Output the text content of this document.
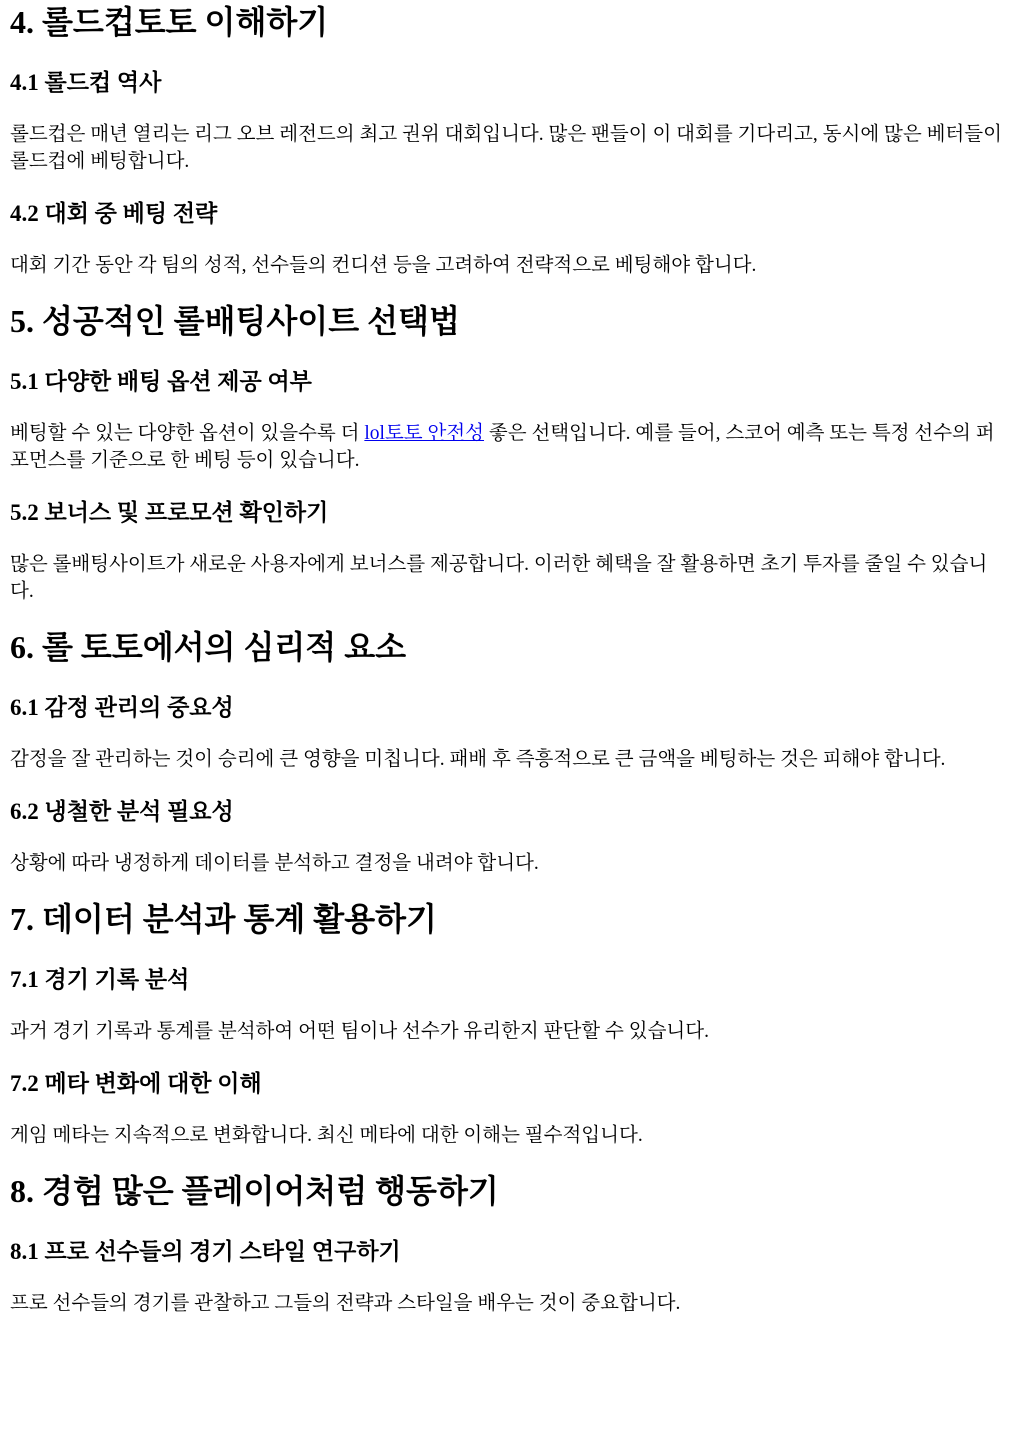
4. 롤드컵토토 이해하기
4.1 롤드컵 역사

롤드컵은 매년 열리는 리그 오브 레전드의 최고 권위 대회입니다. 많은 팬들이 이 대회를 기다리고, 동시에 많은 베터들이 롤드컵에 베팅합니다.

4.2 대회 중 베팅 전략

대회 기간 동안 각 팀의 성적, 선수들의 컨디션 등을 고려하여 전략적으로 베팅해야 합니다.

5. 성공적인 롤배팅사이트 선택법
5.1 다양한 배팅 옵션 제공 여부

베팅할 수 있는 다양한 옵션이 있을수록 더 lol토토 안전성 좋은 선택입니다. 예를 들어, 스코어 예측 또는 특정 선수의 퍼포먼스를 기준으로 한 베팅 등이 있습니다.

5.2 보너스 및 프로모션 확인하기

많은 롤배팅사이트가 새로운 사용자에게 보너스를 제공합니다. 이러한 혜택을 잘 활용하면 초기 투자를 줄일 수 있습니다.

6. 롤 토토에서의 심리적 요소
6.1 감정 관리의 중요성

감정을 잘 관리하는 것이 승리에 큰 영향을 미칩니다. 패배 후 즉흥적으로 큰 금액을 베팅하는 것은 피해야 합니다.

6.2 냉철한 분석 필요성

상황에 따라 냉정하게 데이터를 분석하고 결정을 내려야 합니다.

7. 데이터 분석과 통계 활용하기
7.1 경기 기록 분석

과거 경기 기록과 통계를 분석하여 어떤 팀이나 선수가 유리한지 판단할 수 있습니다.

7.2 메타 변화에 대한 이해

게임 메타는 지속적으로 변화합니다. 최신 메타에 대한 이해는 필수적입니다.

8. 경험 많은 플레이어처럼 행동하기
8.1 프로 선수들의 경기 스타일 연구하기

프로 선수들의 경기를 관찰하고 그들의 전략과 스타일을 배우는 것이 중요합니다.
